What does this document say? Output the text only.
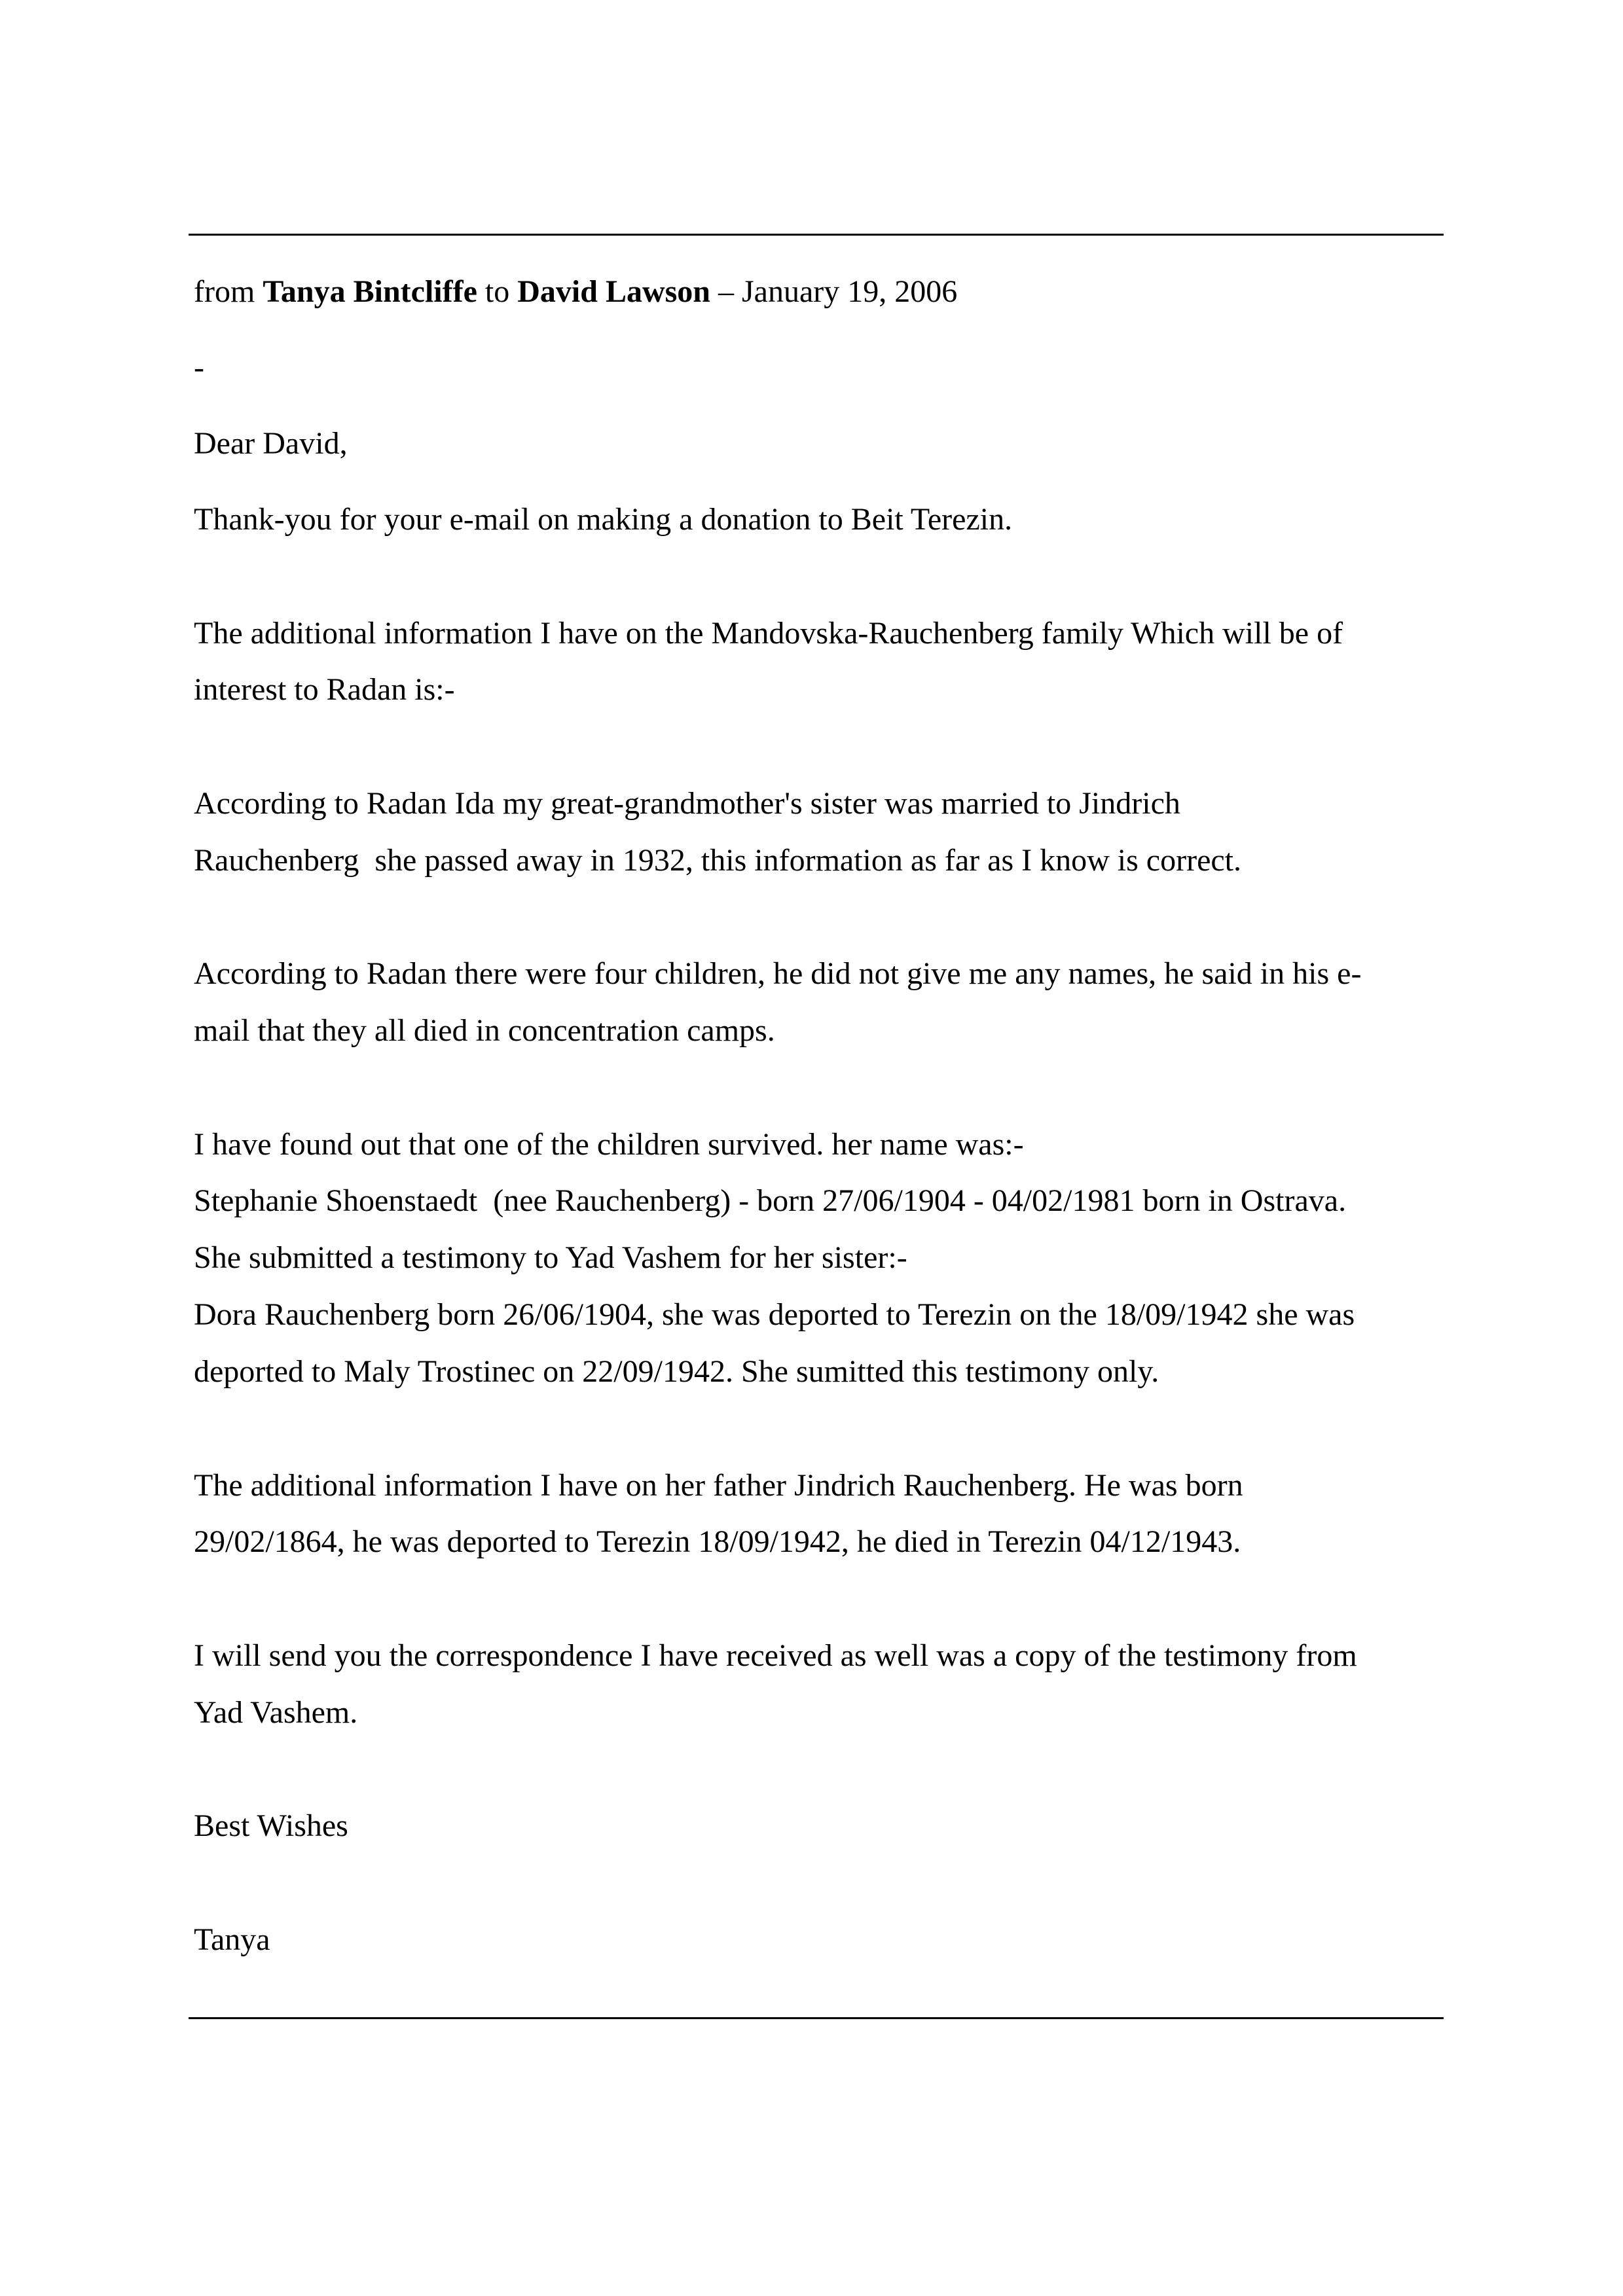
from Tanya Bintcliffe to David Lawson – January 19, 2006
-
Dear David,
Thank-you for your e-mail on making a donation to Beit Terezin.
The additional information I have on the Mandovska-Rauchenberg family Which will be of
interest to Radan is:-
According to Radan Ida my great-grandmother's sister was married to Jindrich
Rauchenberg  she passed away in 1932, this information as far as I know is correct.
According to Radan there were four children, he did not give me any names, he said in his e-
mail that they all died in concentration camps.
I have found out that one of the children survived. her name was:-
Stephanie Shoenstaedt  (nee Rauchenberg) - born 27/06/1904 - 04/02/1981 born in Ostrava.
She submitted a testimony to Yad Vashem for her sister:-
Dora Rauchenberg born 26/06/1904, she was deported to Terezin on the 18/09/1942 she was
deported to Maly Trostinec on 22/09/1942. She sumitted this testimony only.
The additional information I have on her father Jindrich Rauchenberg. He was born
29/02/1864, he was deported to Terezin 18/09/1942, he died in Terezin 04/12/1943.
I will send you the correspondence I have received as well was a copy of the testimony from
Yad Vashem.
Best Wishes
Tanya
